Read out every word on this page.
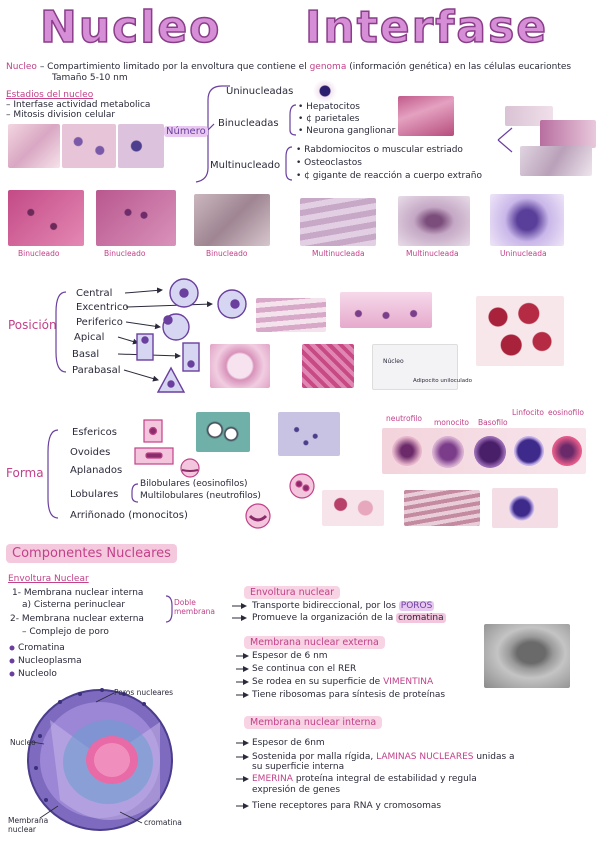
Nucleo Interfase
Nucleo – Compartimiento limitado por la envoltura que contiene el genoma (información genética) en las células eucariontes
Tamaño 5-10 nm
Estadios del nucleo
– Interfase actividad metabolica
– Mitosis division celular
Número
Uninucleadas
Binucleadas
• Hepatocitos
• ¢ parietales
• Neurona ganglionar
Multinucleado
• Rabdomiocitos o muscular estriado
• Osteoclastos
• ¢ gigante de reacción a cuerpo extraño
Binucleado	Binucleado	Binucleado	Multinucleada	Multinucleada	Uninucleada
Posición
Central
Excentrico
Periferico
Apical
Basal
Parabasal
Núcleo
Adipocito uniloculado
Forma
Esfericos
Ovoides
Aplanados
Lobulares
Arriñonado (monocitos)
Bilobulares (eosinofilos)
Multilobulares (neutrofilos)
neutrofilo monocito Basofilo
Linfocito eosinofilo
Componentes Nucleares
Envoltura Nuclear
1- Membrana nuclear interna
a) Cisterna perinuclear
2- Membrana nuclear externa
– Complejo de poro
Doble membrana
Cromatina
Nucleoplasma
Nucleolo
Envoltura nuclear
Transporte bidireccional, por los POROS
Promueve la organización de la cromatina
Membrana nuclear externa
Espesor de 6 nm
Se continua con el RER
Se rodea en su superficie de VIMENTINA
Tiene ribosomas para síntesis de proteínas
Membrana nuclear interna
Espesor de 6nm
Sostenida por malla rígida, LAMINAS NUCLEARES unidas a
su superficie interna
EMERINA proteína integral de estabilidad y regula
expresión de genes
Tiene receptores para RNA y cromosomas
Poros nucleares
Nucleo
Membrana nuclear
cromatina
